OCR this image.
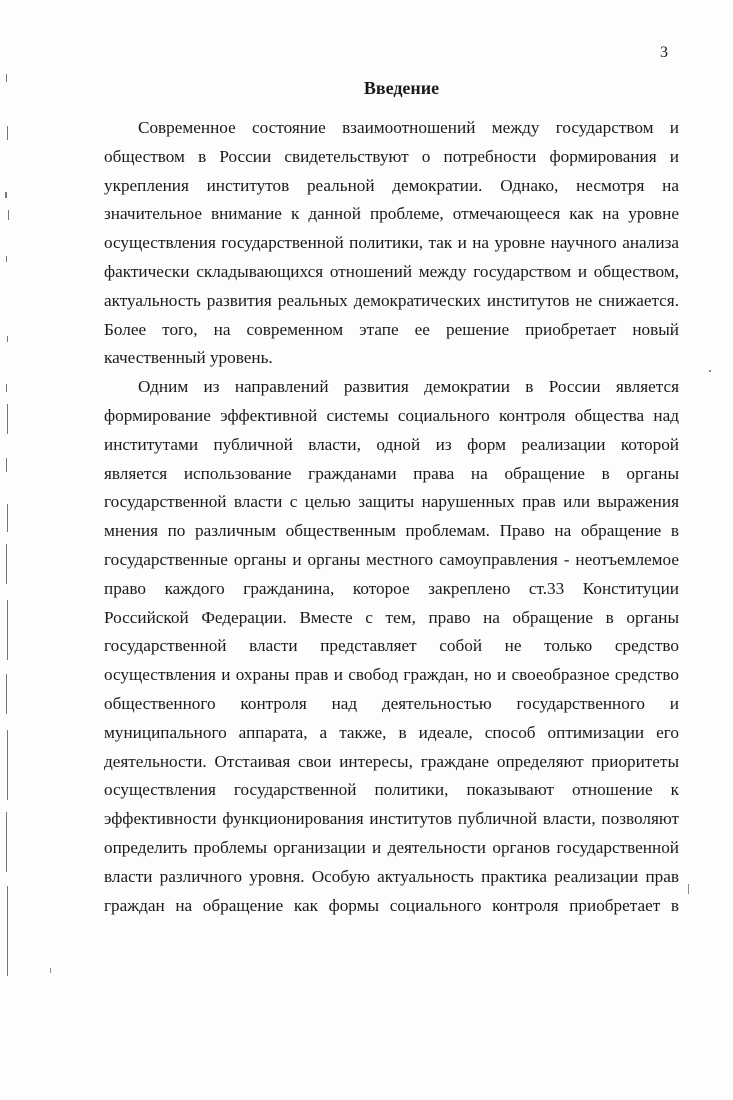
3
Введение
Современное состояние взаимоотношений между государством и
обществом в России свидетельствуют о потребности формирования и
укрепления институтов реальной демократии. Однако, несмотря на
значительное внимание к данной проблеме, отмечающееся как на уровне
осуществления государственной политики, так и на уровне научного анализа
фактически складывающихся отношений между государством и обществом,
актуальность развития реальных демократических институтов не снижается.
Более того, на современном этапе ее решение приобретает новый
качественный уровень.
Одним из направлений развития демократии в России является
формирование эффективной системы социального контроля общества над
институтами публичной власти, одной из форм реализации которой
является использование гражданами права на обращение в органы
государственной власти с целью защиты нарушенных прав или выражения
мнения по различным общественным проблемам. Право на обращение в
государственные органы и органы местного самоуправления - неотъемлемое
право каждого гражданина, которое закреплено ст.33 Конституции
Российской Федерации. Вместе с тем, право на обращение в органы
государственной власти представляет собой не только средство
осуществления и охраны прав и свобод граждан, но и своеобразное средство
общественного контроля над деятельностью государственного и
муниципального аппарата, а также, в идеале, способ оптимизации его
деятельности. Отстаивая свои интересы, граждане определяют приоритеты
осуществления государственной политики, показывают отношение к
эффективности функционирования институтов публичной власти, позволяют
определить проблемы организации и деятельности органов государственной
власти различного уровня. Особую актуальность практика реализации прав
граждан на обращение как формы социального контроля приобретает в
